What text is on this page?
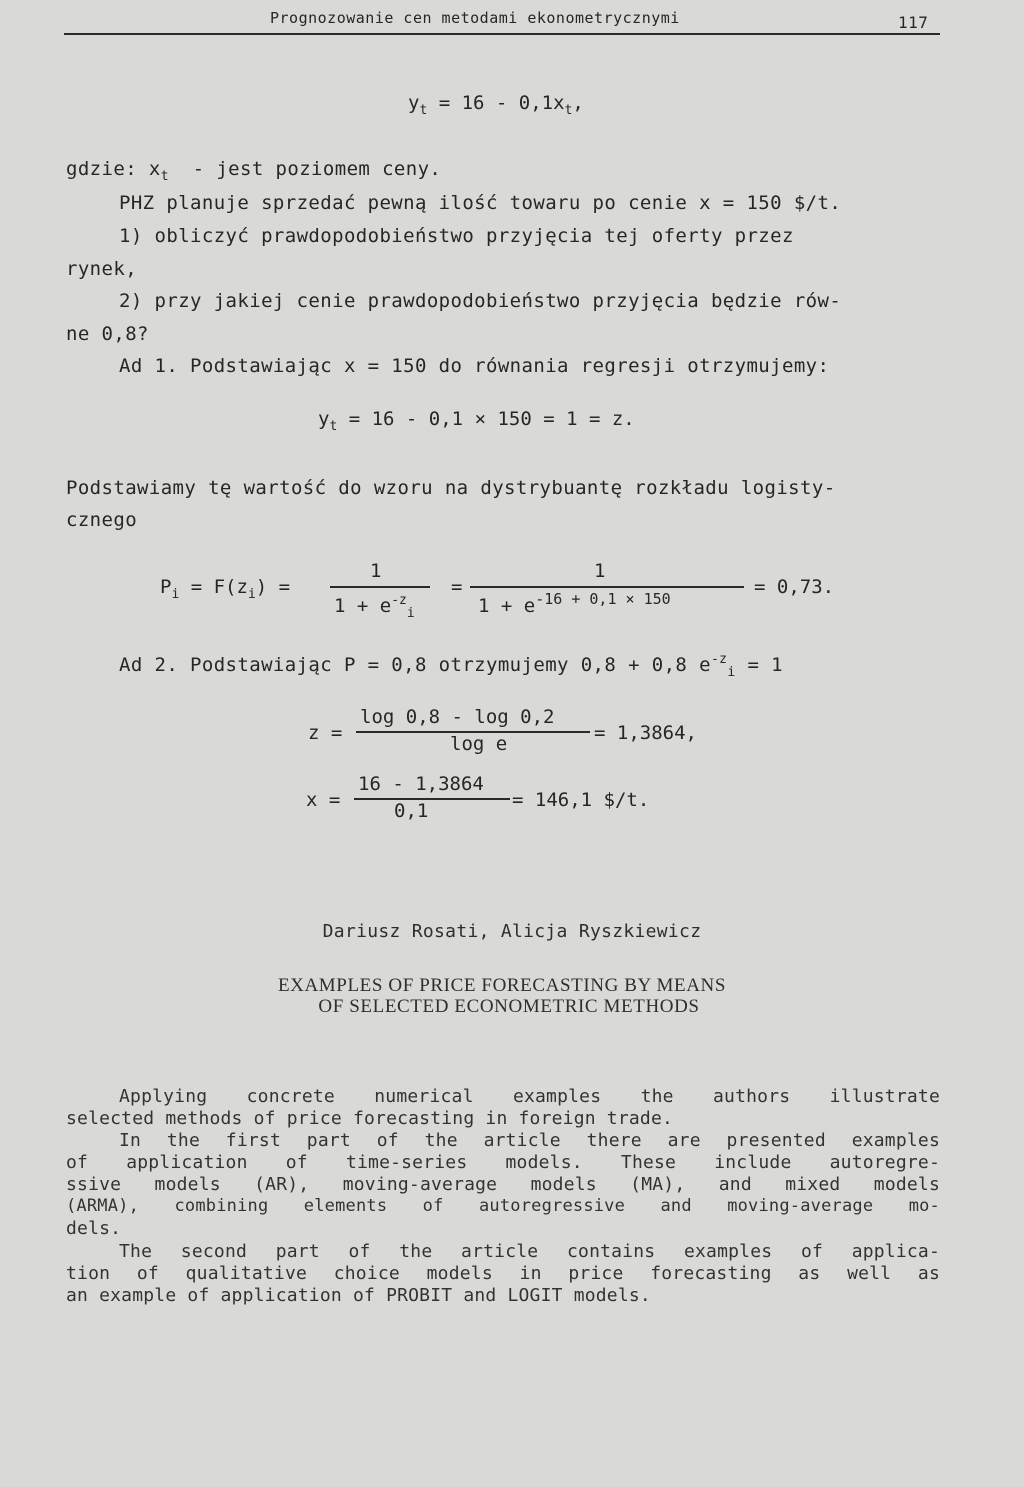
Prognozowanie cen metodami ekonometrycznymi	117
$y_t = 16 - 0,1x_t$,
gdzie: $x_t$ - jest poziomem ceny.
PHZ planuje sprzedać pewną ilość towaru po cenie x = 150 $/t.
1) obliczyć prawdopodobieństwo przyjęcia tej oferty przez
rynek,
2) przy jakiej cenie prawdopodobieństwo przyjęcia będzie rów-
ne 0,8?
Ad 1. Podstawiając x = 150 do równania regresji otrzymujemy:
$y_t = 16 - 0,1 \times 150 = 1 = z$.
Podstawiamy tę wartość do wzoru na dystrybuantę rozkładu logisty-
cznego
$P_i = F(z_i)$ =
1
$1 + e^{-z}_i$
=
1
$1 + e^{-16 + 0,1 \times 150}$
= 0,73.
Ad 2. Podstawiając P = 0,8 otrzymujemy 0,8 + 0,8 $e^{-z}_i = 1$
z =
log 0,8 - log 0,2
log e	= 1,3864,
x =
16 - 1,3864
0,1	= 146,1 $/t.
Dariusz Rosati, Alicja Ryszkiewicz
EXAMPLES OF PRICE FORECASTING BY MEANS
OF SELECTED ECONOMETRIC METHODS
Applying concrete numerical examples the authors illustrate
selected methods of price forecasting in foreign trade.
In the first part of the article there are presented examples
of application of time-series models. These include autoregre-
ssive models (AR), moving-average models (MA), and mixed models
(ARMA), combining elements of autoregressive and moving-average mo-
dels.
The second part of the article contains examples of applica-
tion of qualitative choice models in price forecasting as well as
an example of application of PROBIT and LOGIT models.
